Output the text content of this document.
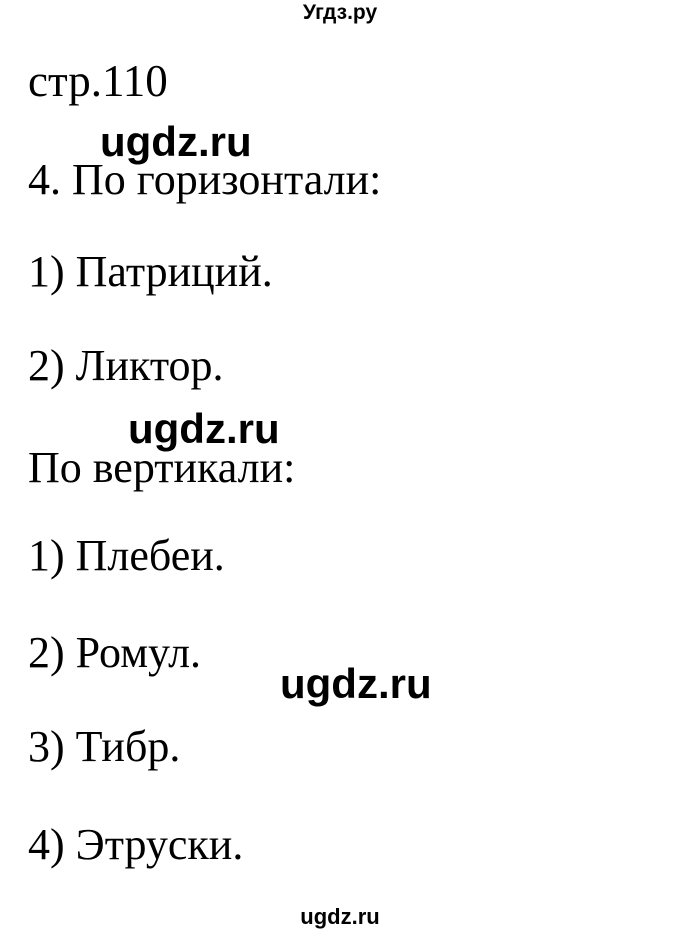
Угдз.ру
стр.110
ugdz.ru
4. По горизонтали:
1) Патриций.
2) Ликтор.
ugdz.ru
По вертикали:
1) Плебеи.
2) Ромул.
ugdz.ru
3) Тибр.
4) Этруски.
ugdz.ru
